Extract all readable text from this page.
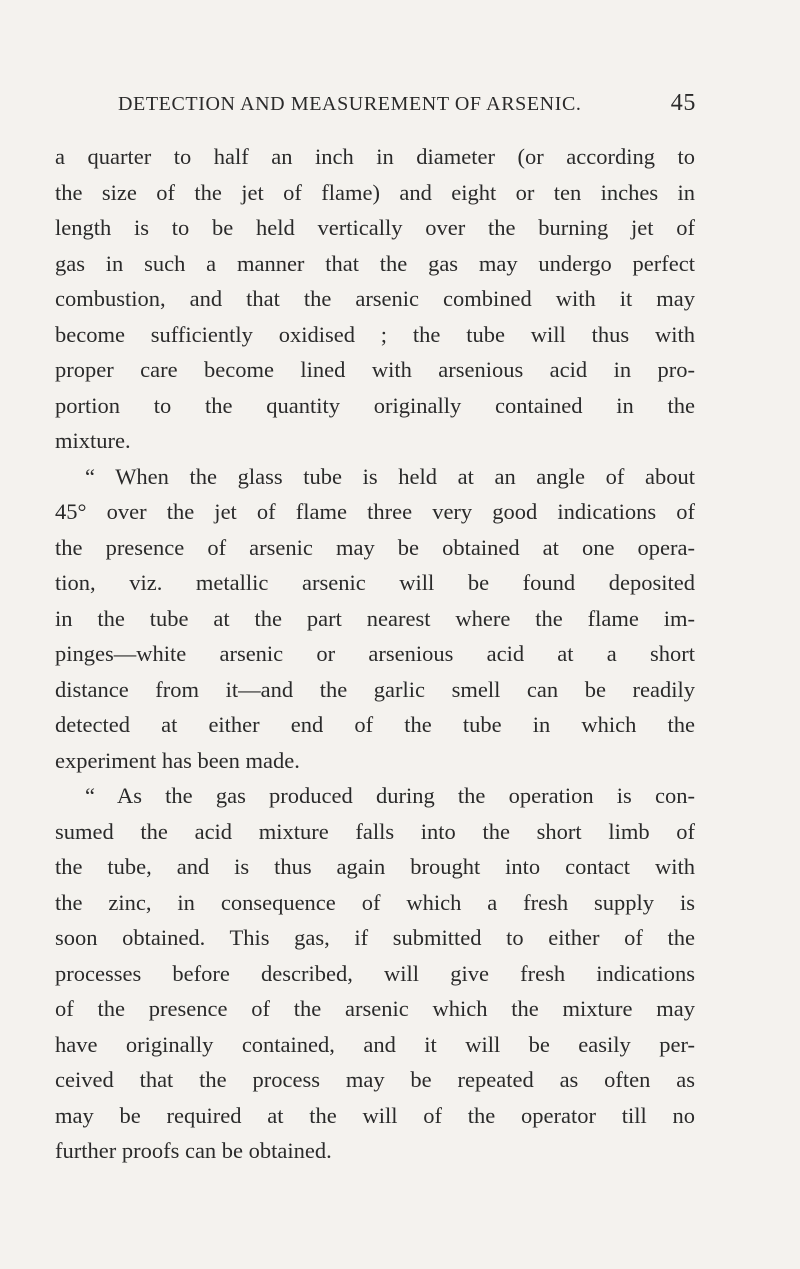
DETECTION AND MEASUREMENT OF ARSENIC.	45
a quarter to half an inch in diameter (or according to
the size of the jet of flame) and eight or ten inches in
length is to be held vertically over the burning jet of
gas in such a manner that the gas may undergo perfect
combustion, and that the arsenic combined with it may
become sufficiently oxidised ; the tube will thus with
proper care become lined with arsenious acid in pro-
portion to the quantity originally contained in the
mixture.
“ When the glass tube is held at an angle of about
45° over the jet of flame three very good indications of
the presence of arsenic may be obtained at one opera-
tion, viz. metallic arsenic will be found deposited
in the tube at the part nearest where the flame im-
pinges—white arsenic or arsenious acid at a short
distance from it—and the garlic smell can be readily
detected at either end of the tube in which the
experiment has been made.
“ As the gas produced during the operation is con-
sumed the acid mixture falls into the short limb of
the tube, and is thus again brought into contact with
the zinc, in consequence of which a fresh supply is
soon obtained. This gas, if submitted to either of the
processes before described, will give fresh indications
of the presence of the arsenic which the mixture may
have originally contained, and it will be easily per-
ceived that the process may be repeated as often as
may be required at the will of the operator till no
further proofs can be obtained.
